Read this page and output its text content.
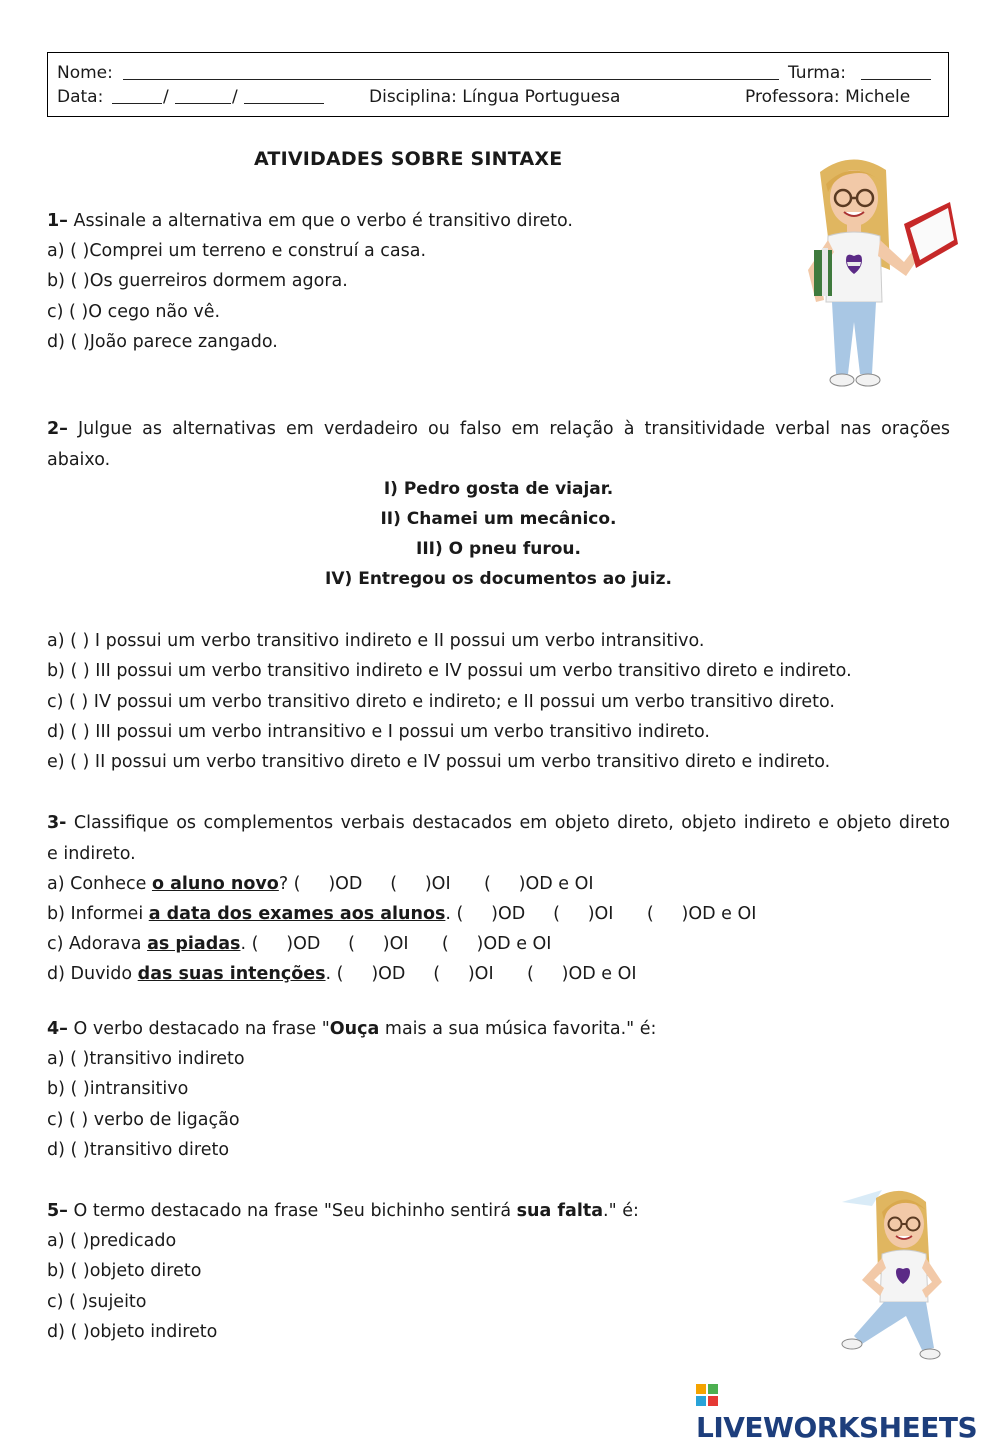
Nome:	Turma:
Data:	/	/	Disciplina: Língua Portuguesa	Professora: Michele
ATIVIDADES SOBRE SINTAXE
1– Assinale a alternativa em que o verbo é transitivo direto.
a) ( )Comprei um terreno e construí a casa.
b) ( )Os guerreiros dormem agora.
c) ( )O cego não vê.
d) ( )João parece zangado.
2– Julgue as alternativas em verdadeiro ou falso em relação à transitividade verbal nas orações
abaixo.
I) Pedro gosta de viajar.
II) Chamei um mecânico.
III) O pneu furou.
IV) Entregou os documentos ao juiz.
a) ( ) I possui um verbo transitivo indireto e II possui um verbo intransitivo.
b) ( ) III possui um verbo transitivo indireto e IV possui um verbo transitivo direto e indireto.
c) ( ) IV possui um verbo transitivo direto e indireto; e II possui um verbo transitivo direto.
d) ( ) III possui um verbo intransitivo e I possui um verbo transitivo indireto.
e) ( ) II possui um verbo transitivo direto e IV possui um verbo transitivo direto e indireto.
3- Classifique os complementos verbais destacados em objeto direto, objeto indireto e objeto direto
e indireto.
a) Conhece o aluno novo? (     )OD     (     )OI      (     )OD e OI
b) Informei a data dos exames aos alunos. (     )OD     (     )OI      (     )OD e OI
c) Adorava as piadas. (     )OD     (     )OI      (     )OD e OI
d) Duvido das suas intenções. (     )OD     (     )OI      (     )OD e OI
4– O verbo destacado na frase "Ouça mais a sua música favorita." é:
a) ( )transitivo indireto
b) ( )intransitivo
c) ( ) verbo de ligação
d) ( )transitivo direto
5– O termo destacado na frase "Seu bichinho sentirá sua falta." é:
a) ( )predicado
b) ( )objeto direto
c) ( )sujeito
d) ( )objeto indireto
LIVEWORKSHEETS
